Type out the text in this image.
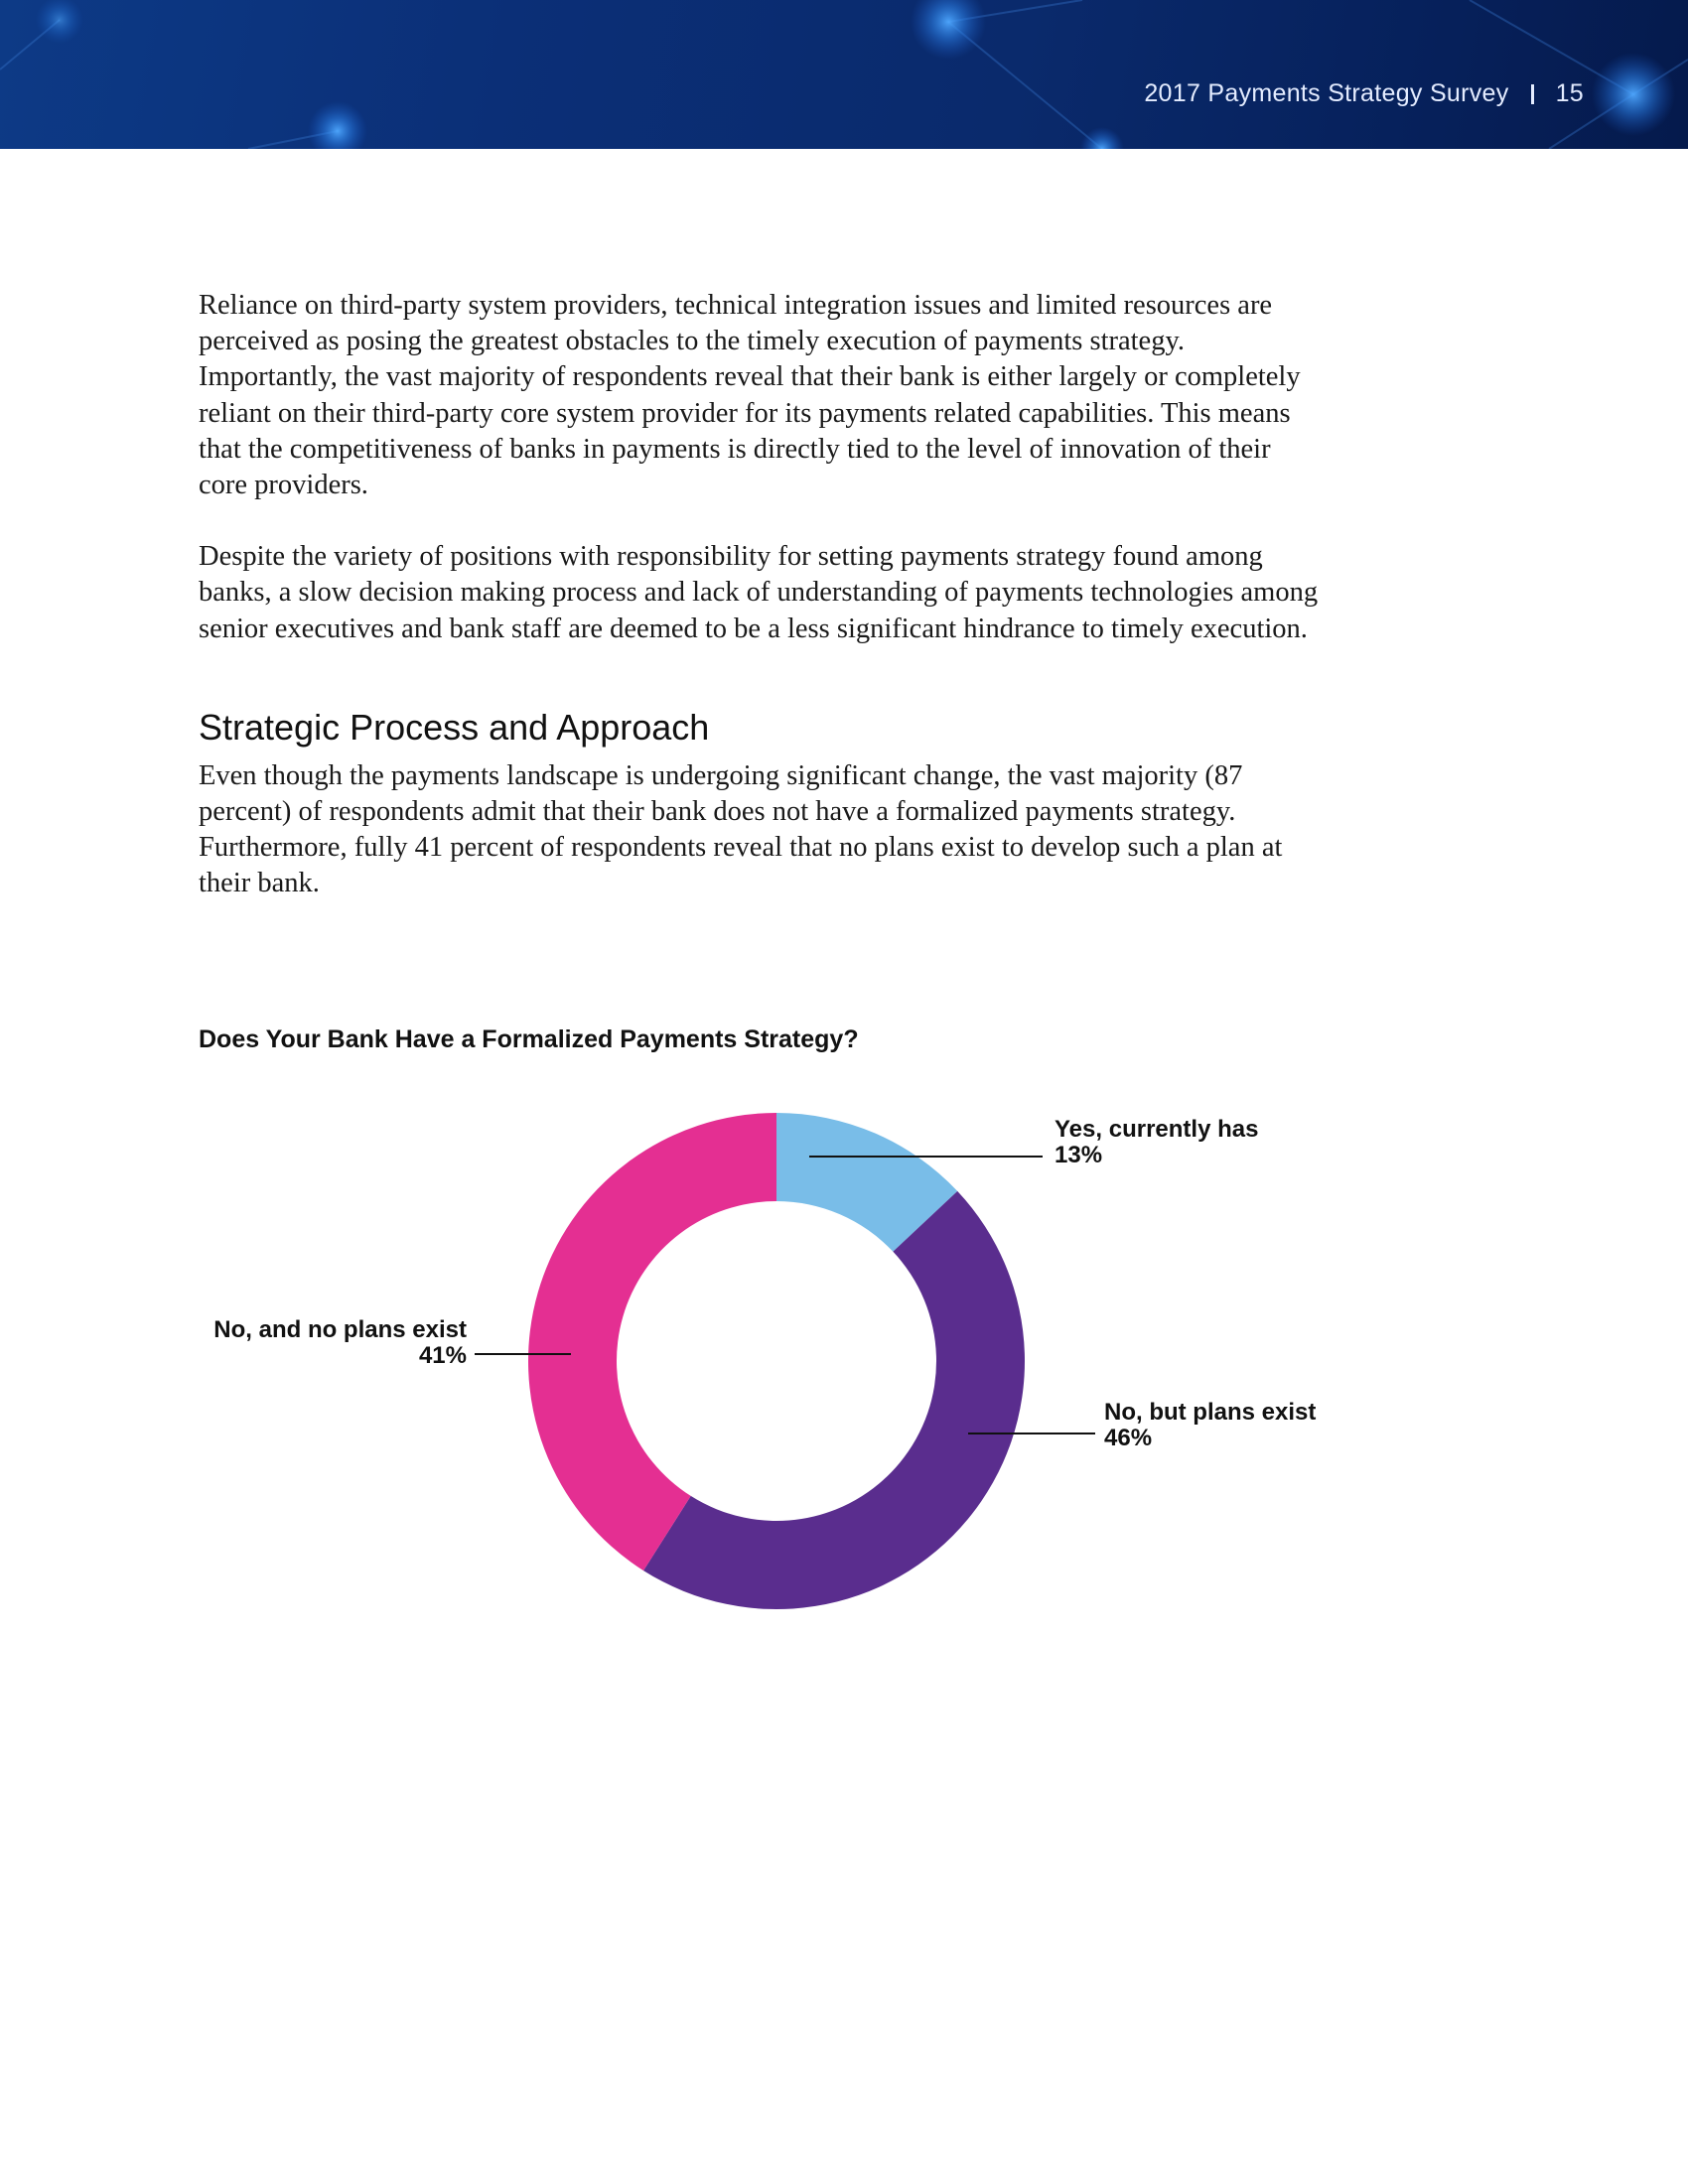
2017 Payments Strategy Survey 15

Reliance on third-party system providers, technical integration issues and limited resources are perceived as posing the greatest obstacles to the timely execution of payments strategy. Importantly, the vast majority of respondents reveal that their bank is either largely or completely reliant on their third-party core system provider for its payments related capabilities. This means that the competitiveness of banks in payments is directly tied to the level of innovation of their core providers.

Despite the variety of positions with responsibility for setting payments strategy found among banks, a slow decision making process and lack of understanding of payments technologies among senior executives and bank staff are deemed to be a less significant hindrance to timely execution.

Strategic Process and Approach

Even though the payments landscape is undergoing significant change, the vast majority (87 percent) of respondents admit that their bank does not have a formalized payments strategy. Furthermore, fully 41 percent of respondents reveal that no plans exist to develop such a plan at their bank.

Does Your Bank Have a Formalized Payments Strategy?
Yes, currently has
13%
No, but plans exist
46%
No, and no plans exist
41%
